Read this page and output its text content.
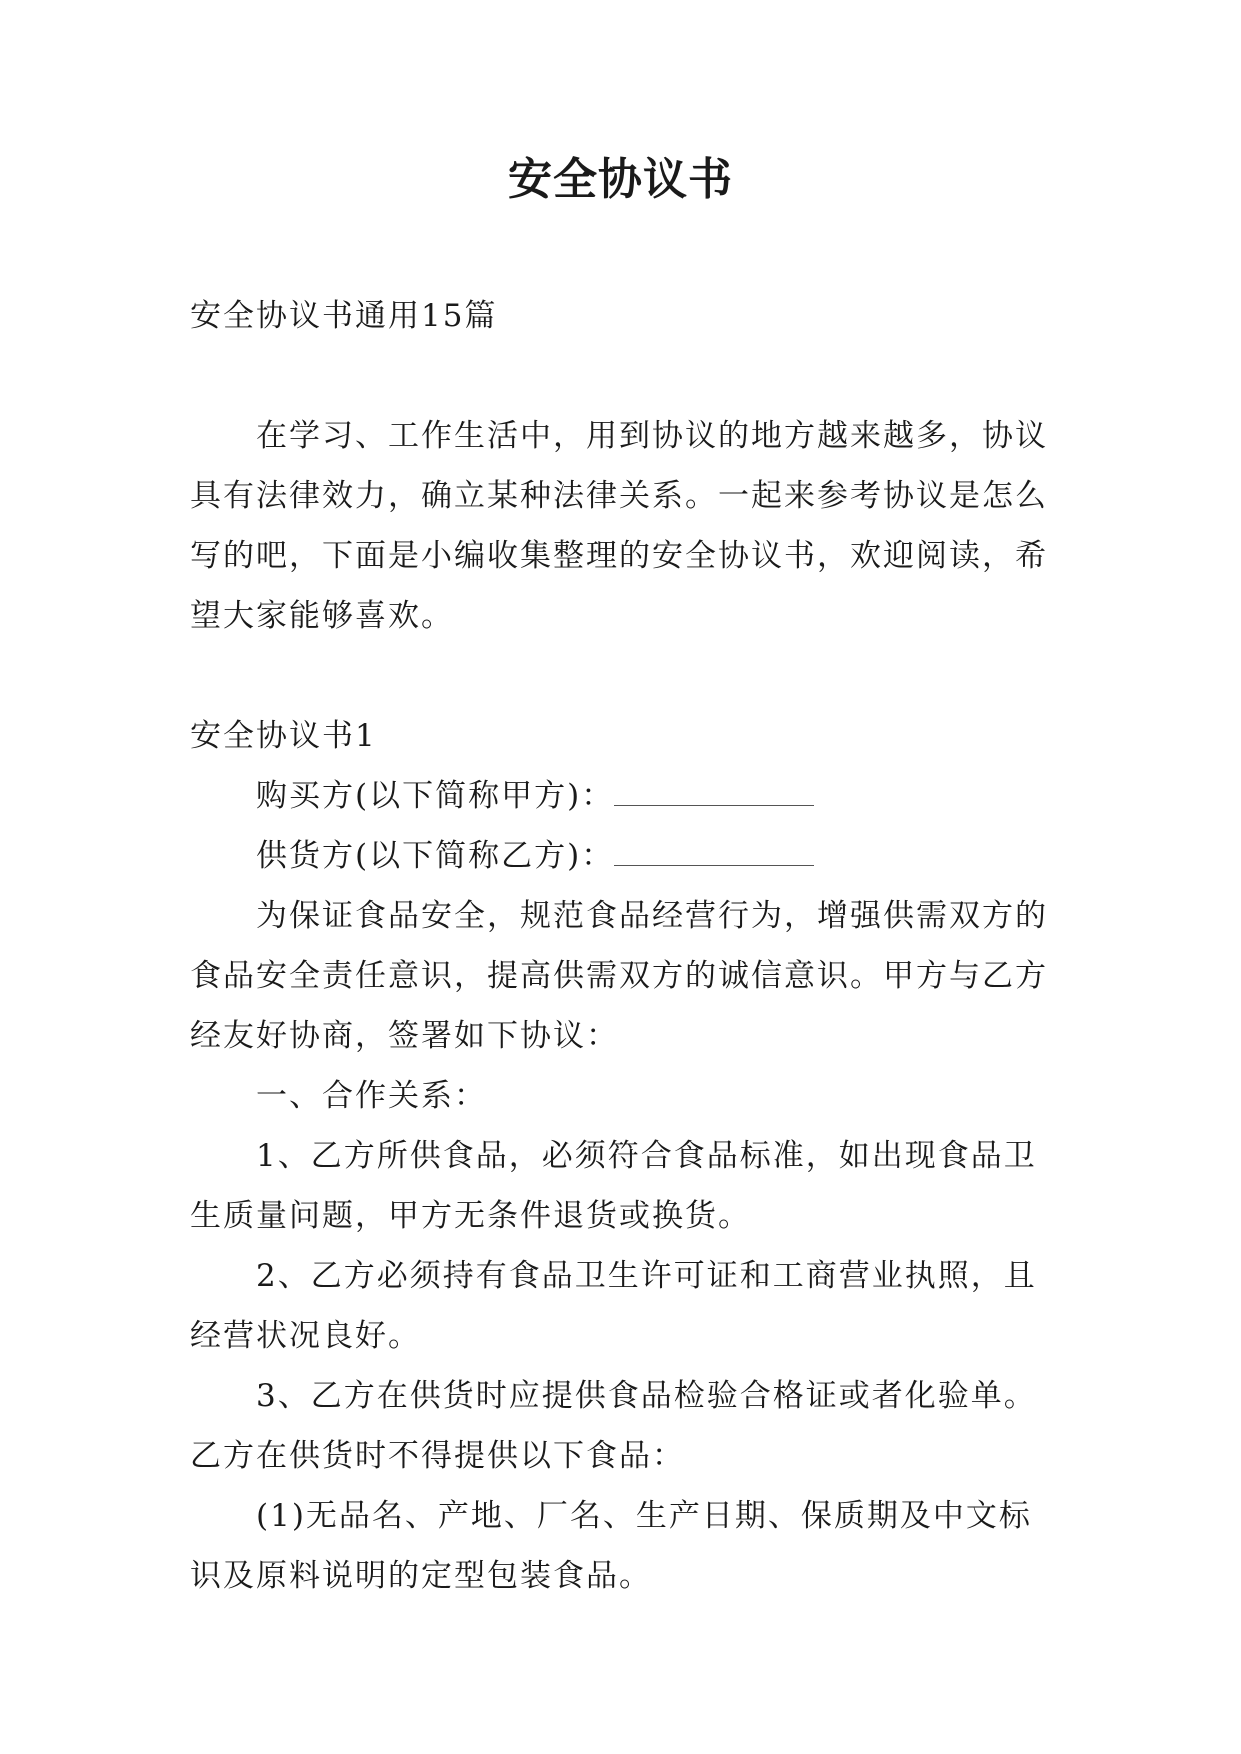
安全协议书

安全协议书通用15篇

在学习、工作生活中，用到协议的地方越来越多，协议具有法律效力，确立某种法律关系。一起来参考协议是怎么写的吧，下面是小编收集整理的安全协议书，欢迎阅读，希望大家能够喜欢。

安全协议书1

购买方(以下简称甲方)：

供货方(以下简称乙方)：

为保证食品安全，规范食品经营行为，增强供需双方的食品安全责任意识，提高供需双方的诚信意识。甲方与乙方经友好协商，签署如下协议：

一、合作关系：

1、乙方所供食品，必须符合食品标准，如出现食品卫生质量问题，甲方无条件退货或换货。

2、乙方必须持有食品卫生许可证和工商营业执照，且经营状况良好。

3、乙方在供货时应提供食品检验合格证或者化验单。乙方在供货时不得提供以下食品：

(1)无品名、产地、厂名、生产日期、保质期及中文标识及原料说明的定型包装食品。
